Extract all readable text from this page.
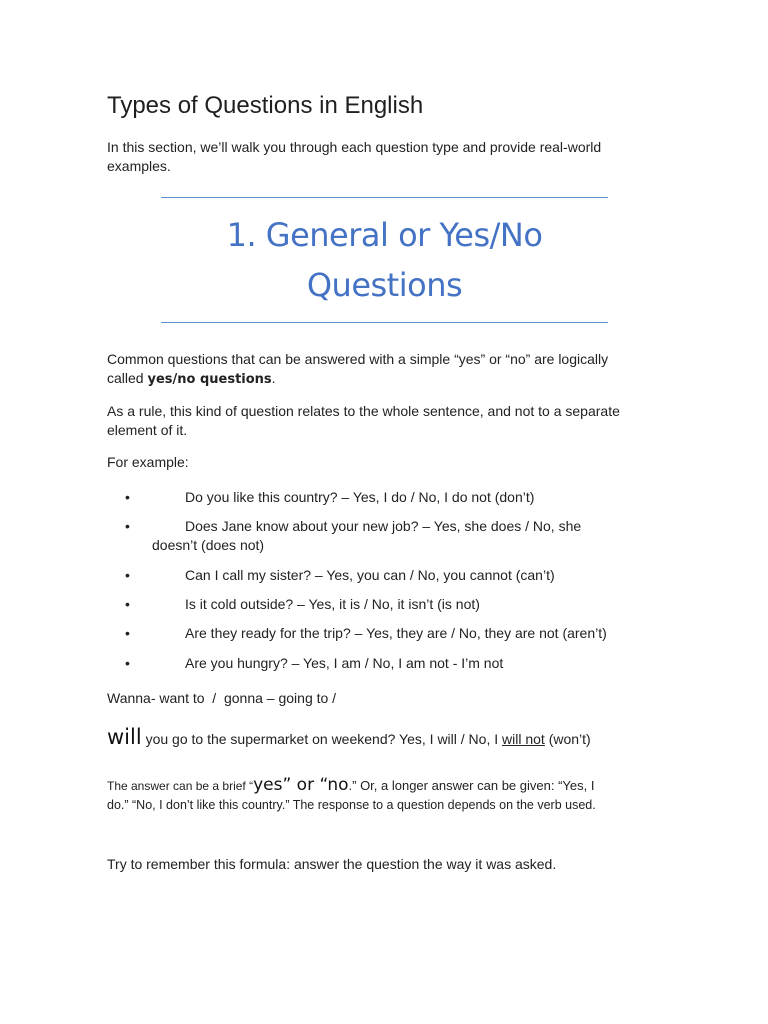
Types of Questions in English
In this section, we’ll walk you through each question type and provide real-world
examples.
1. General or Yes/No
Questions
Common questions that can be answered with a simple “yes” or “no” are logically
called yes/no questions.
As a rule, this kind of question relates to the whole sentence, and not to a separate
element of it.
For example:
•	Do you like this country? – Yes, I do / No, I do not (don’t)
•	Does Jane know about your new job? – Yes, she does / No, she
doesn’t (does not)
•	Can I call my sister? – Yes, you can / No, you cannot (can’t)
•	Is it cold outside? – Yes, it is / No, it isn’t (is not)
•	Are they ready for the trip? – Yes, they are / No, they are not (aren’t)
•	Are you hungry? – Yes, I am / No, I am not - I’m not
Wanna- want to  /  gonna – going to /
will you go to the supermarket on weekend? Yes, I will / No, I will not (won’t)
The answer can be a brief “yes” or “no.” Or, a longer answer can be given: “Yes, I
do.” “No, I don’t like this country.” The response to a question depends on the verb used.
Try to remember this formula: answer the question the way it was asked.
